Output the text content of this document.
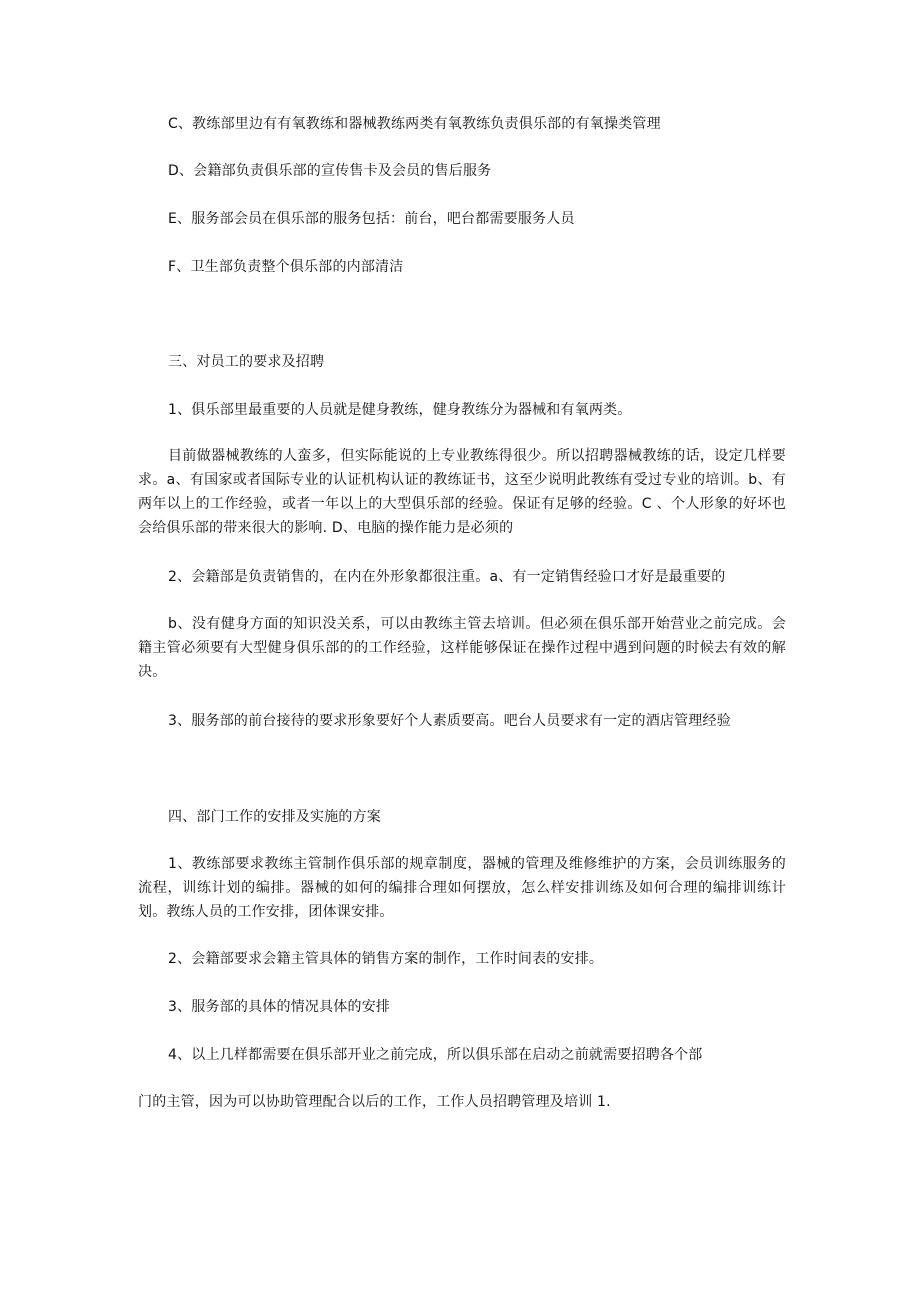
C、教练部里边有有氧教练和器械教练两类有氧教练负责俱乐部的有氧操类管理
D、会籍部负责俱乐部的宣传售卡及会员的售后服务
E、服务部会员在俱乐部的服务包括：前台，吧台都需要服务人员
F、卫生部负责整个俱乐部的内部清洁
三、对员工的要求及招聘
1、俱乐部里最重要的人员就是健身教练，健身教练分为器械和有氧两类。
目前做器械教练的人蛮多，但实际能说的上专业教练得很少。所以招聘器械教练的话，设定几样要求。a、有国家或者国际专业的认证机构认证的教练证书，这至少说明此教练有受过专业的培训。b、有两年以上的工作经验，或者一年以上的大型俱乐部的经验。保证有足够的经验。C 、个人形象的好坏也会给俱乐部的带来很大的影响. D、电脑的操作能力是必须的
2、会籍部是负责销售的，在内在外形象都很注重。a、有一定销售经验口才好是最重要的
b、没有健身方面的知识没关系，可以由教练主管去培训。但必须在俱乐部开始营业之前完成。会籍主管必须要有大型健身俱乐部的的工作经验，这样能够保证在操作过程中遇到问题的时候去有效的解决。
3、服务部的前台接待的要求形象要好个人素质要高。吧台人员要求有一定的酒店管理经验
四、部门工作的安排及实施的方案
1、教练部要求教练主管制作俱乐部的规章制度，器械的管理及维修维护的方案，会员训练服务的流程，训练计划的编排。器械的如何的编排合理如何摆放，怎么样安排训练及如何合理的编排训练计划。教练人员的工作安排，团体课安排。
2、会籍部要求会籍主管具体的销售方案的制作，工作时间表的安排。
3、服务部的具体的情况具体的安排
4、以上几样都需要在俱乐部开业之前完成，所以俱乐部在启动之前就需要招聘各个部
门的主管，因为可以协助管理配合以后的工作，工作人员招聘管理及培训 1.
